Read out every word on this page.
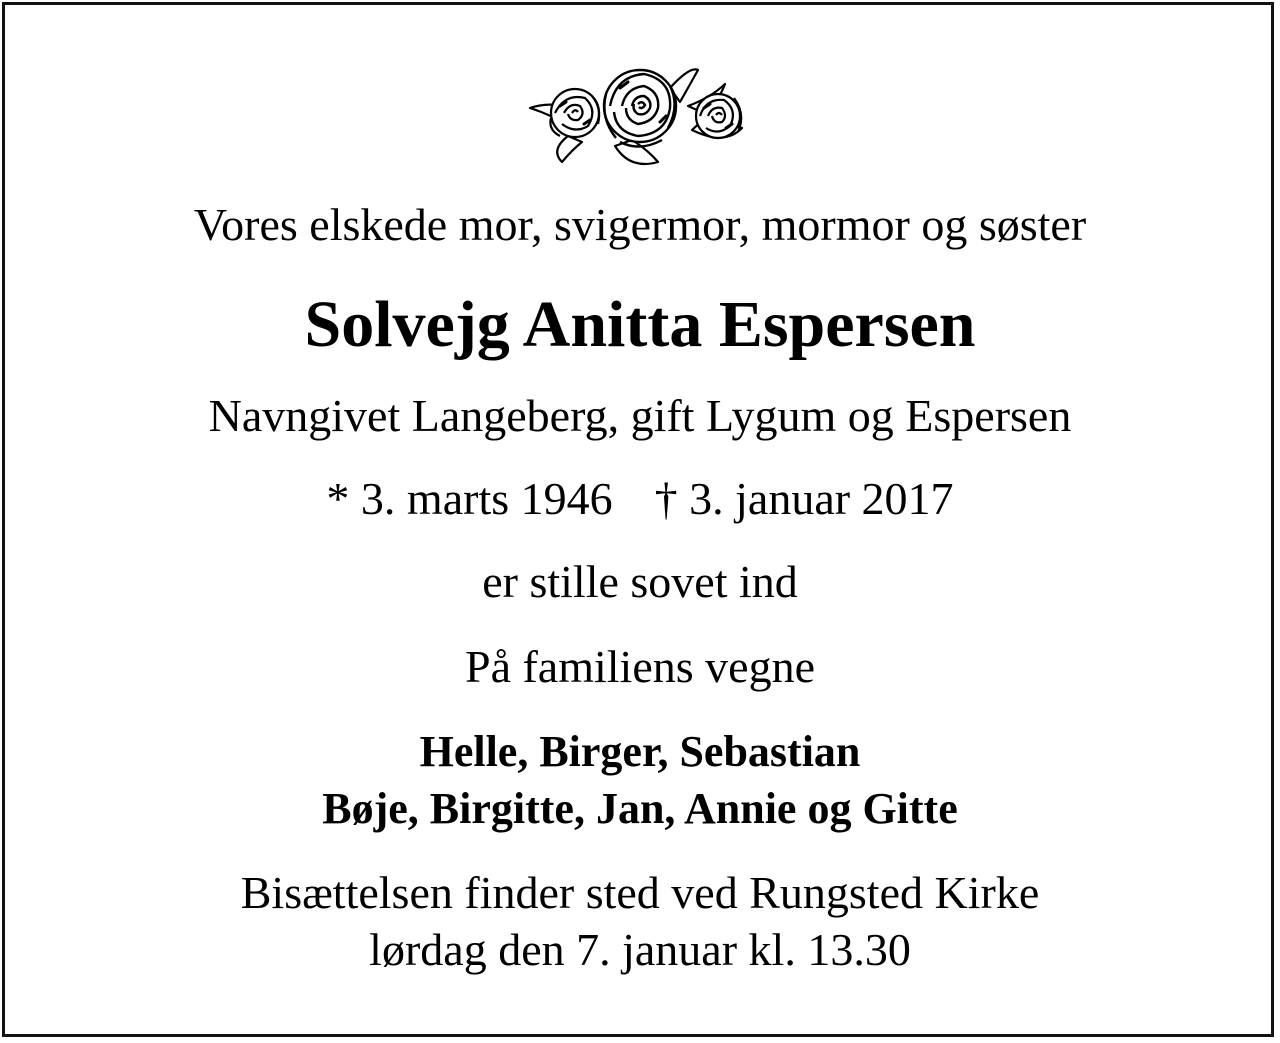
Vores elskede mor, svigermor, mormor og søster
Solvejg Anitta Espersen
Navngivet Langeberg, gift Lygum og Espersen
* 3. marts 1946 † 3. januar 2017
er stille sovet ind
På familiens vegne
Helle, Birger, Sebastian
Bøje, Birgitte, Jan, Annie og Gitte
Bisættelsen finder sted ved Rungsted Kirke
lørdag den 7. januar kl. 13.30
